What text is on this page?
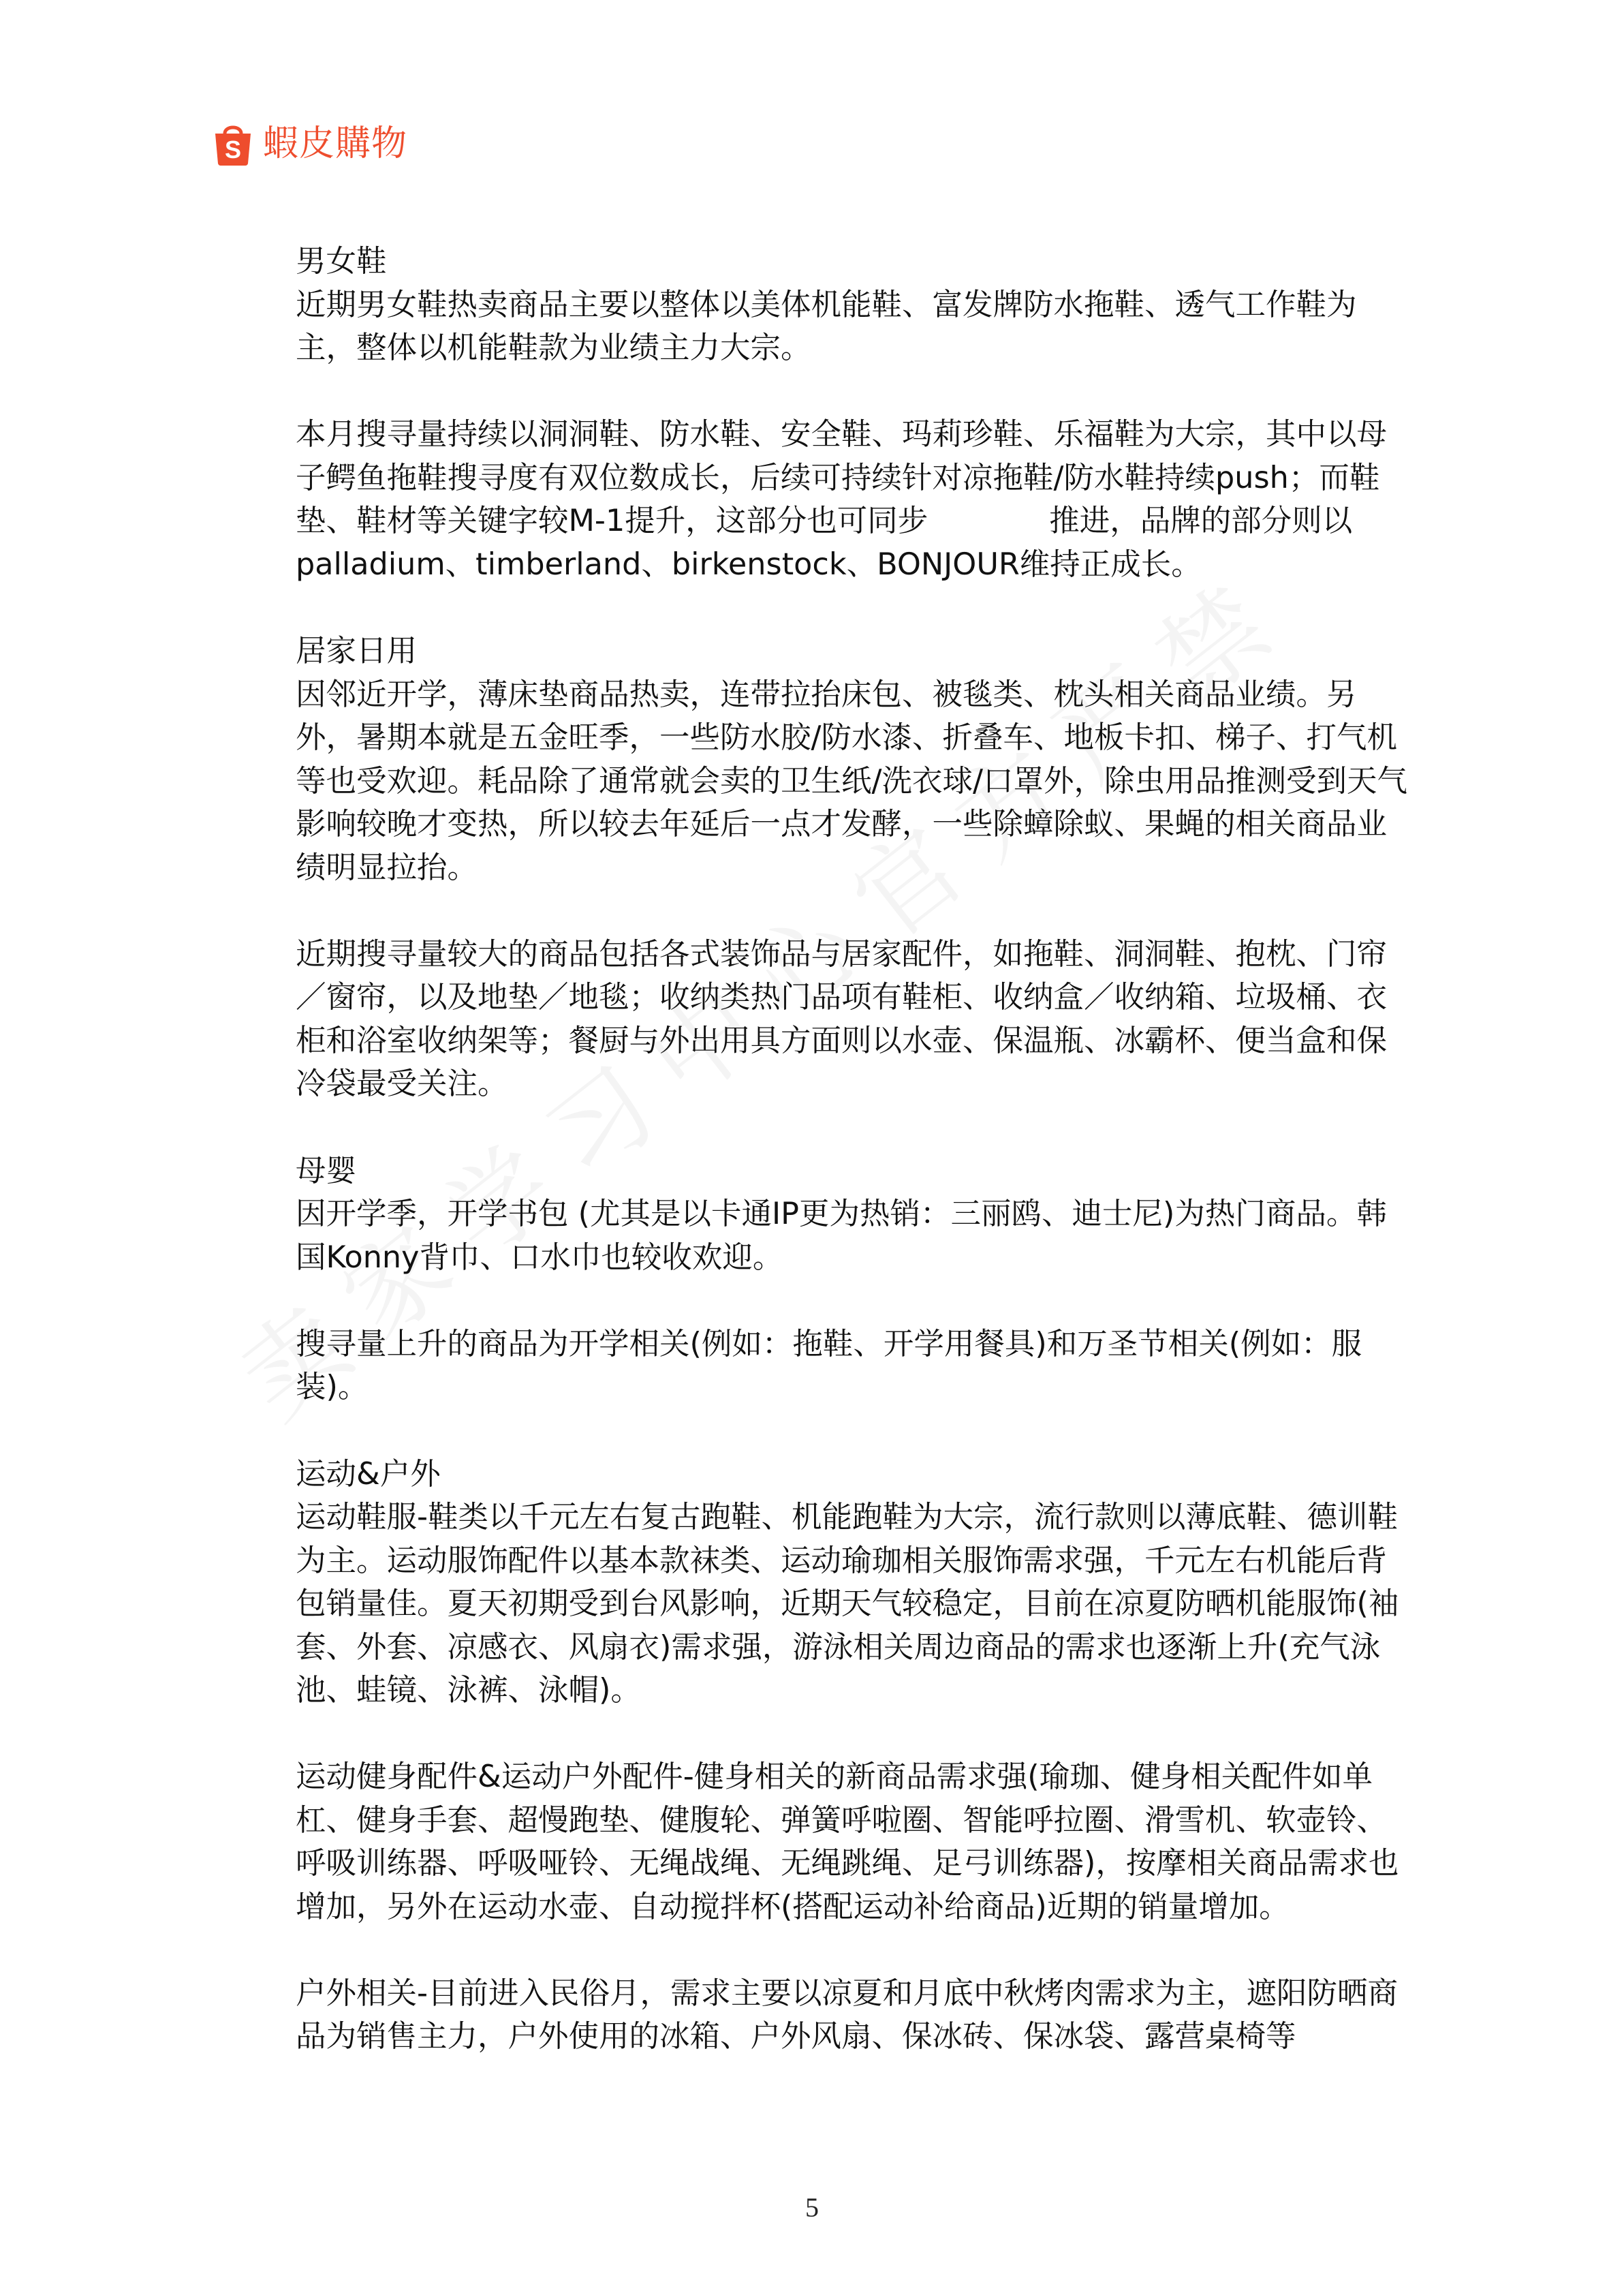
S 蝦皮購物

男女鞋

近期男女鞋热卖商品主要以整体以美体机能鞋、富发牌防水拖鞋、透气工作鞋为主，整体以机能鞋款为业绩主力大宗。

本月搜寻量持续以洞洞鞋、防水鞋、安全鞋、玛莉珍鞋、乐福鞋为大宗，其中以母子鳄鱼拖鞋搜寻度有双位数成长，后续可持续针对凉拖鞋/防水鞋持续push；而鞋垫、鞋材等关键字较M-1提升，这部分也可同步　　　　推进，品牌的部分则以palladium、timberland、birkenstock、BONJOUR维持正成长。

居家日用

因邻近开学，薄床垫商品热卖，连带拉抬床包、被毯类、枕头相关商品业绩。另外，暑期本就是五金旺季，一些防水胶/防水漆、折叠车、地板卡扣、梯子、打气机等也受欢迎。耗品除了通常就会卖的卫生纸/洗衣球/口罩外，除虫用品推测受到天气影响较晚才变热，所以较去年延后一点才发酵，一些除蟑除蚁、果蝇的相关商品业绩明显拉抬。

近期搜寻量较大的商品包括各式装饰品与居家配件，如拖鞋、洞洞鞋、抱枕、门帘／窗帘，以及地垫／地毯；收纳类热门品项有鞋柜、收纳盒／收纳箱、垃圾桶、衣柜和浴室收纳架等；餐厨与外出用具方面则以水壶、保温瓶、冰霸杯、便当盒和保冷袋最受关注。

母婴

因开学季，开学书包 (尤其是以卡通IP更为热销：三丽鸥、迪士尼)为热门商品。韩国Konny背巾、口水巾也较收欢迎。

搜寻量上升的商品为开学相关(例如：拖鞋、开学用餐具)和万圣节相关(例如：服装)。

运动&户外

运动鞋服-鞋类以千元左右复古跑鞋、机能跑鞋为大宗，流行款则以薄底鞋、德训鞋为主。运动服饰配件以基本款袜类、运动瑜珈相关服饰需求强，千元左右机能后背包销量佳。夏天初期受到台风影响，近期天气较稳定，目前在凉夏防晒机能服饰(袖套、外套、凉感衣、风扇衣)需求强，游泳相关周边商品的需求也逐渐上升(充气泳池、蛙镜、泳裤、泳帽)。

运动健身配件&运动户外配件-健身相关的新商品需求强(瑜珈、健身相关配件如单杠、健身手套、超慢跑垫、健腹轮、弹簧呼啦圈、智能呼拉圈、滑雪机、软壶铃、呼吸训练器、呼吸哑铃、无绳战绳、无绳跳绳、足弓训练器)，按摩相关商品需求也增加，另外在运动水壶、自动搅拌杯(搭配运动补给商品)近期的销量增加。

户外相关-目前进入民俗月，需求主要以凉夏和月底中秋烤肉需求为主，遮阳防晒商品为销售主力，户外使用的冰箱、户外风扇、保冰砖、保冰袋、露营桌椅等

5
